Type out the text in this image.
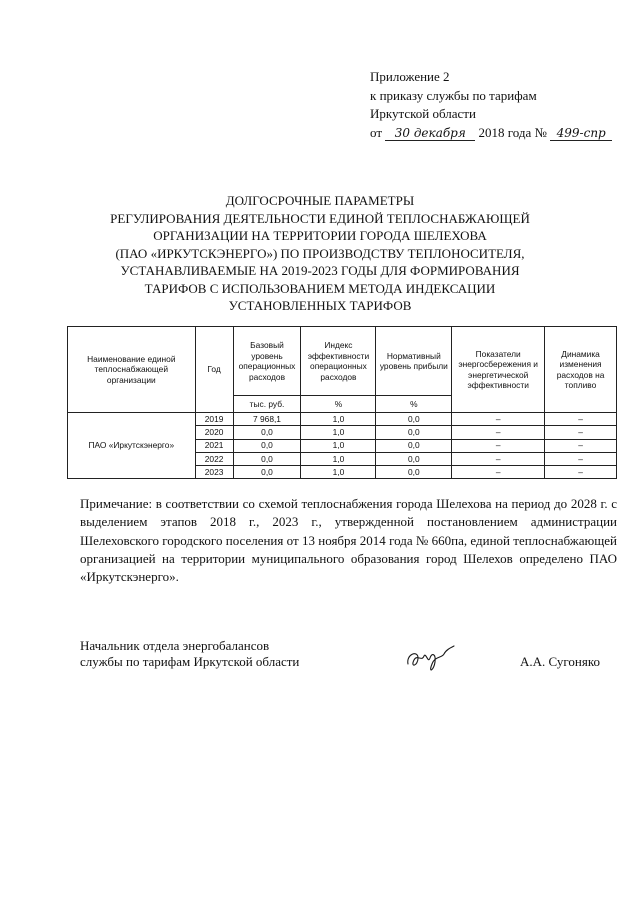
Приложение 2
к приказу службы по тарифам
Иркутской области
от 30 декабря 2018 года № 499-спр
ДОЛГОСРОЧНЫЕ ПАРАМЕТРЫ
РЕГУЛИРОВАНИЯ ДЕЯТЕЛЬНОСТИ ЕДИНОЙ ТЕПЛОСНАБЖАЮЩЕЙ
ОРГАНИЗАЦИИ НА ТЕРРИТОРИИ ГОРОДА ШЕЛЕХОВА
(ПАО «ИРКУТСКЭНЕРГО») ПО ПРОИЗВОДСТВУ ТЕПЛОНОСИТЕЛЯ,
УСТАНАВЛИВАЕМЫЕ НА 2019-2023 ГОДЫ ДЛЯ ФОРМИРОВАНИЯ
ТАРИФОВ С ИСПОЛЬЗОВАНИЕМ МЕТОДА ИНДЕКСАЦИИ
УСТАНОВЛЕННЫХ ТАРИФОВ
Наименование единой теплоснабжающей организации	Год	Базовый уровень операционных расходов	Индекс эффективности операционных расходов	Нормативный уровень прибыли	Показатели энергосбережения и энергетической эффективности	Динамика изменения расходов на топливо
		тыс. руб.	%	%		
ПАО «Иркутскэнерго»	2019	7 968,1	1,0	0,0	–	–
	2020	0,0	1,0	0,0	–	–
	2021	0,0	1,0	0,0	–	–
	2022	0,0	1,0	0,0	–	–
	2023	0,0	1,0	0,0	–	–
Примечание: в соответствии со схемой теплоснабжения города Шелехова на период до 2028 г. с выделением этапов 2018 г., 2023 г., утвержденной постановлением администрации Шелеховского городского поселения от 13 ноября 2014 года № 660па, единой теплоснабжающей организацией на территории муниципального образования город Шелехов определено ПАО «Иркутскэнерго».
Начальник отдела энергобалансов
службы по тарифам Иркутской области	А.А. Сугоняко
